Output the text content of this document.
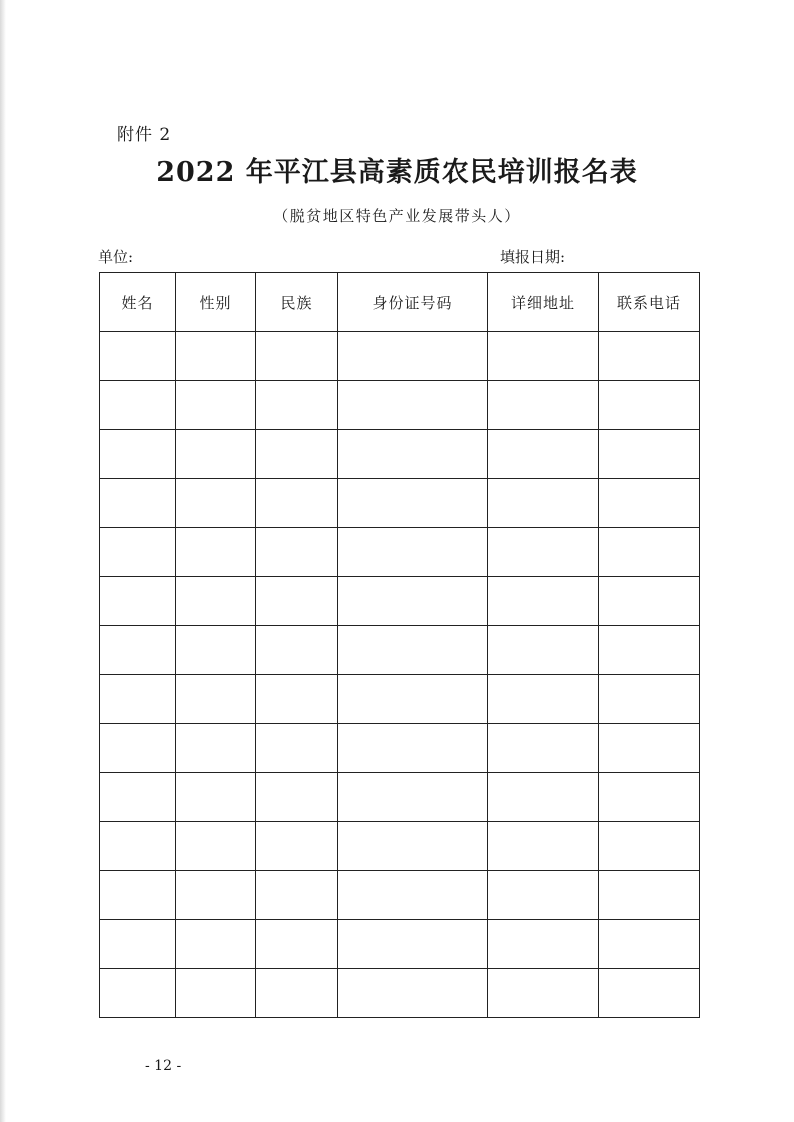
附件 2
2022 年平江县高素质农民培训报名表
（脱贫地区特色产业发展带头人）
单位:	填报日期:
姓名	性别	民族	身份证号码	详细地址	联系电话

- 12 -
